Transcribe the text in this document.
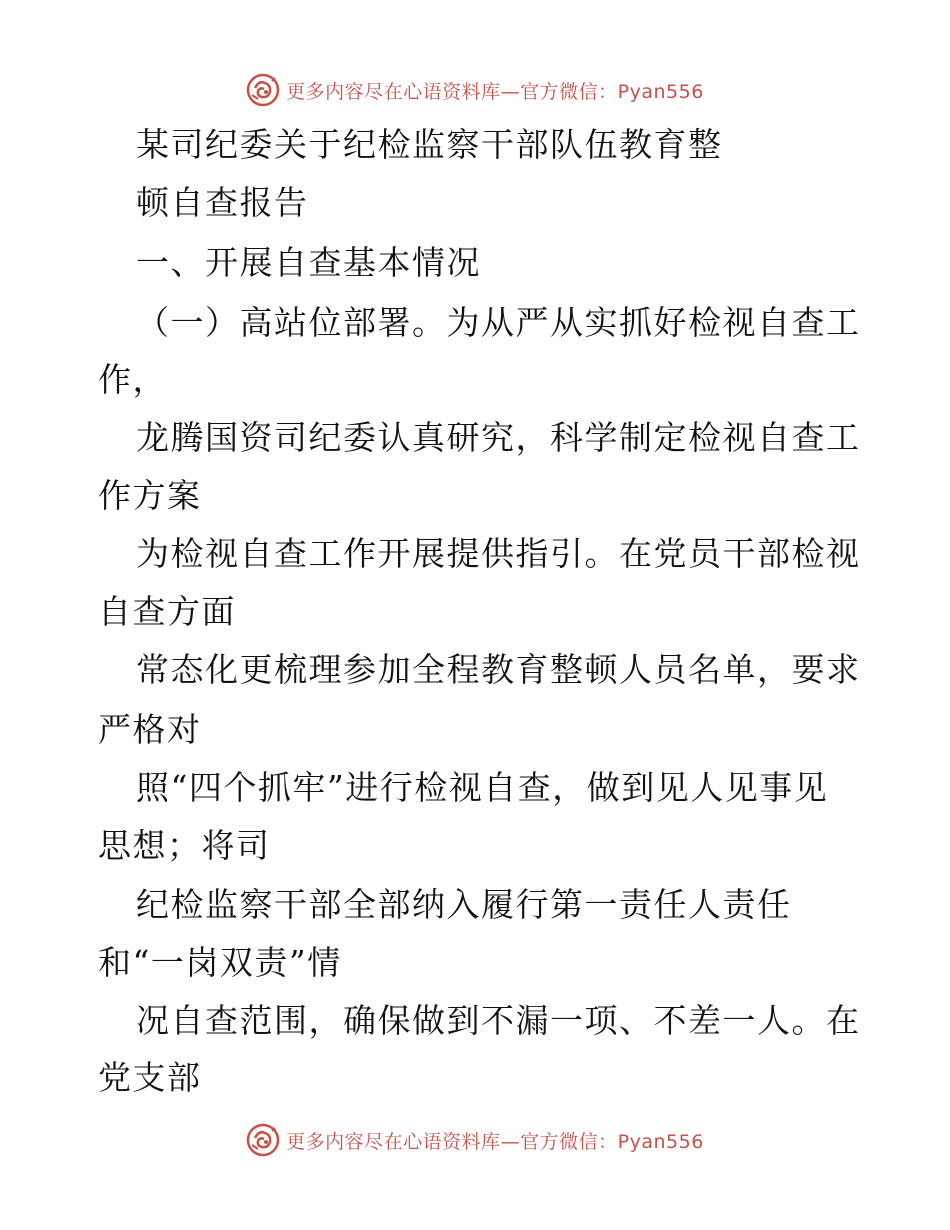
更多内容尽在心语资料库—官方微信：Pyan556
某司纪委关于纪检监察干部队伍教育整
顿自查报告
一、开展自查基本情况
（一）高站位部署。为从严从实抓好检视自查工
作，
龙腾国资司纪委认真研究，科学制定检视自查工
作方案
为检视自查工作开展提供指引。在党员干部检视
自查方面
常态化更梳理参加全程教育整顿人员名单，要求
严格对
照“四个抓牢”进行检视自查，做到见人见事见
思想；将司
纪检监察干部全部纳入履行第一责任人责任
和“一岗双责”情
况自查范围，确保做到不漏一项、不差一人。在
党支部
更多内容尽在心语资料库—官方微信：Pyan556
